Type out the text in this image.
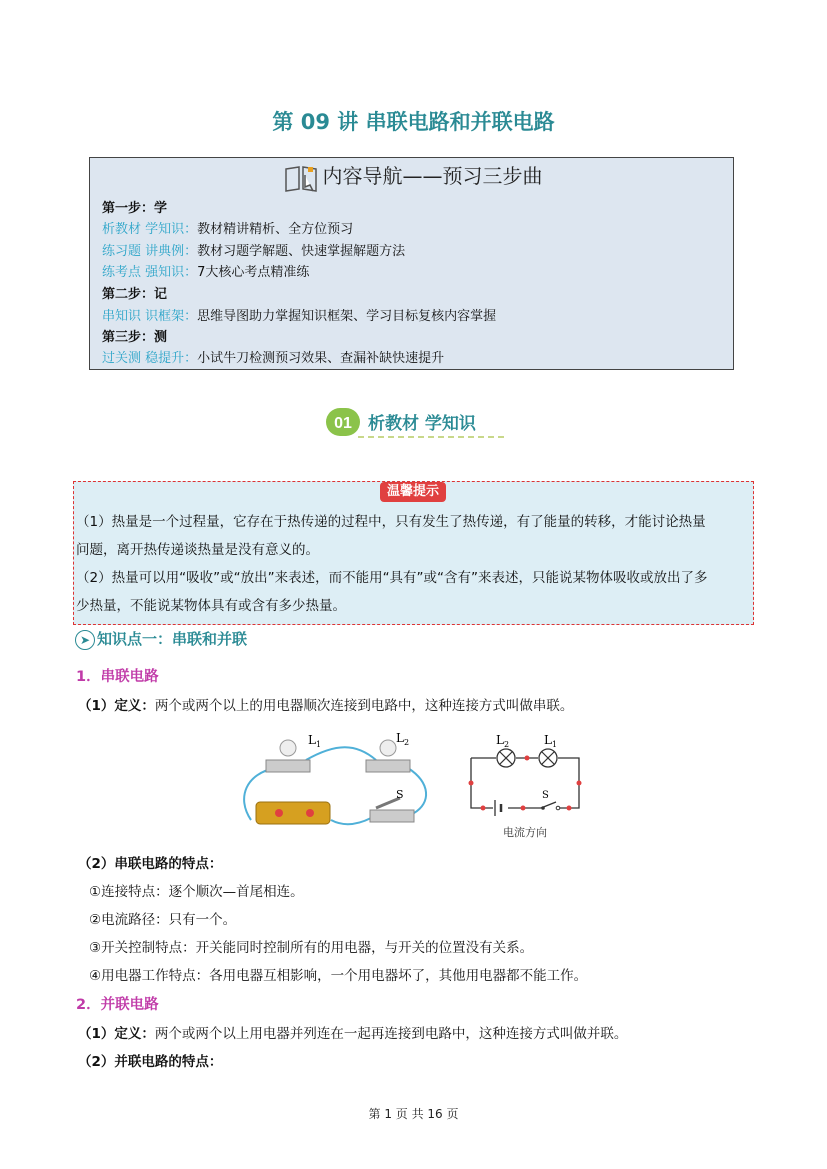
第 09 讲 串联电路和并联电路
内容导航——预习三步曲
第一步：学
析教材 学知识：教材精讲精析、全方位预习
练习题 讲典例：教材习题学解题、快速掌握解题方法
练考点 强知识：7大核心考点精准练
第二步：记
串知识 识框架：思维导图助力掌握知识框架、学习目标复核内容掌握
第三步：测
过关测 稳提升：小试牛刀检测预习效果、查漏补缺快速提升
01 析教材 学知识
温馨提示
（1）热量是一个过程量，它存在于热传递的过程中，只有发生了热传递，有了能量的转移，才能讨论热量
问题，离开热传递谈热量是没有意义的。
（2）热量可以用“吸收”或“放出”来表述，而不能用“具有”或“含有”来表述，只能说某物体吸收或放出了多
少热量，不能说某物体具有或含有多少热量。
➤ 知识点一：串联和并联
1．串联电路
（1）定义：两个或两个以上的用电器顺次连接到电路中，这种连接方式叫做串联。
L 1	L 2
S
L 2	L 1
S
电流方向
（2）串联电路的特点：
①连接特点：逐个顺次—首尾相连。
②电流路径：只有一个。
③开关控制特点：开关能同时控制所有的用电器，与开关的位置没有关系。
④用电器工作特点：各用电器互相影响，一个用电器坏了，其他用电器都不能工作。
2．并联电路
（1）定义：两个或两个以上用电器并列连在一起再连接到电路中，这种连接方式叫做并联。
（2）并联电路的特点：
第 1 页 共 16 页
